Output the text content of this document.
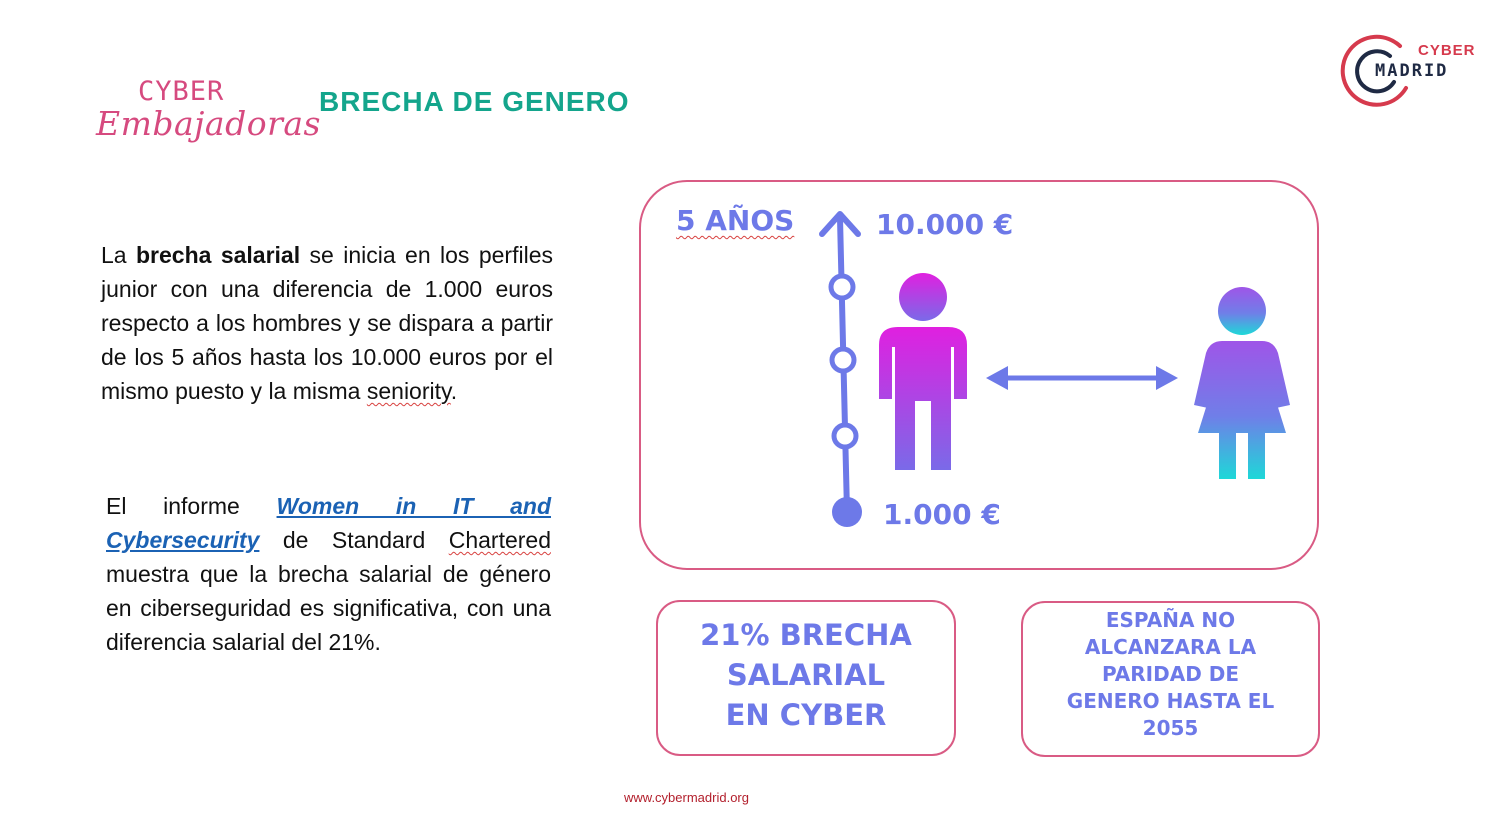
CYBER
Embajadoras
BRECHA DE GENERO
CYBER
MADRID
La brecha salarial se inicia en los perfiles junior con una diferencia de 1.000 euros respecto a los hombres y se dispara a partir de los 5 años hasta los 10.000 euros por el mismo puesto y la misma seniority.
El informe Women in IT and Cybersecurity de Standard Chartered muestra que la brecha salarial de género en ciberseguridad es significativa, con una diferencia salarial del 21%.
5 AÑOS	10.000 €
1.000 €
21% BRECHA
SALARIAL
EN CYBER
ESPAÑA NO
ALCANZARA LA
PARIDAD DE
GENERO HASTA EL
2055
www.cybermadrid.org
